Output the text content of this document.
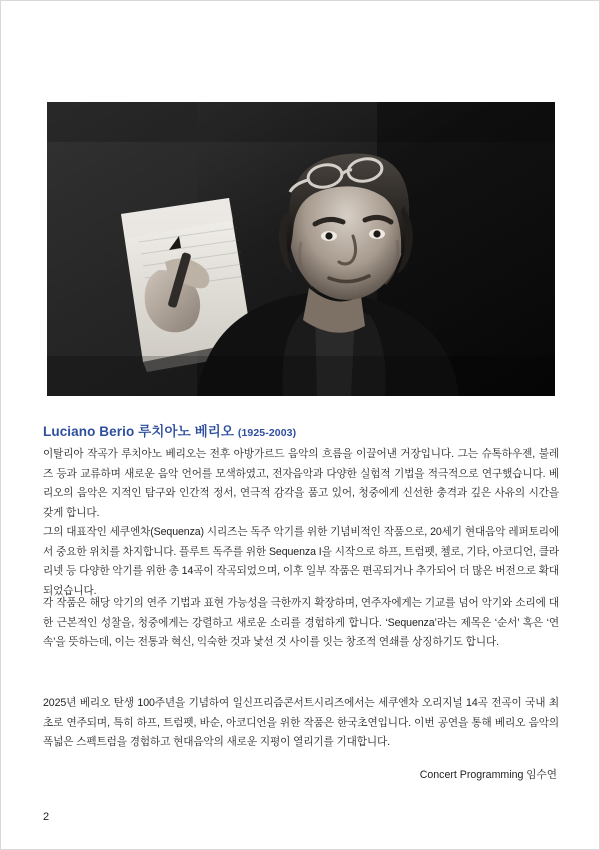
Luciano Berio 루치아노 베리오 (1925-2003)
이탈리아 작곡가 루치아노 베리오는 전후 아방가르드 음악의 흐름을 이끌어낸 거장입니다. 그는 슈톡하우젠, 불레즈 등과 교류하며 새로운 음악 언어를 모색하였고, 전자음악과 다양한 실험적 기법을 적극적으로 연구했습니다. 베리오의 음악은 지적인 탐구와 인간적 정서, 연극적 감각을 품고 있어, 청중에게 신선한 충격과 깊은 사유의 시간을 갖게 합니다.
그의 대표작인 세쿠엔차(Sequenza) 시리즈는 독주 악기를 위한 기념비적인 작품으로, 20세기 현대음악 레퍼토리에서 중요한 위치를 차지합니다. 플루트 독주를 위한 Sequenza I을 시작으로 하프, 트럼펫, 첼로, 기타, 아코디언, 클라리넷 등 다양한 악기를 위한 총 14곡이 작곡되었으며, 이후 일부 작품은 편곡되거나 추가되어 더 많은 버전으로 확대되었습니다.
각 작품은 해당 악기의 연주 기법과 표현 가능성을 극한까지 확장하며, 연주자에게는 기교를 넘어 악기와 소리에 대한 근본적인 성찰을, 청중에게는 강렬하고 새로운 소리를 경험하게 합니다. ‘Sequenza’라는 제목은 ‘순서’ 혹은 ‘연속’을 뜻하는데, 이는 전통과 혁신, 익숙한 것과 낯선 것 사이를 잇는 창조적 연쇄를 상징하기도 합니다.
2025년 베리오 탄생 100주년을 기념하여 일신프리즘콘서트시리즈에서는 세쿠엔차 오리지널 14곡 전곡이 국내 최초로 연주되며, 특히 하프, 트럼펫, 바순, 아코디언을 위한 작품은 한국초연입니다. 이번 공연을 통해 베리오 음악의 폭넓은 스펙트럼을 경험하고 현대음악의 새로운 지평이 열리기를 기대합니다.
Concert Programming 임수연
2
